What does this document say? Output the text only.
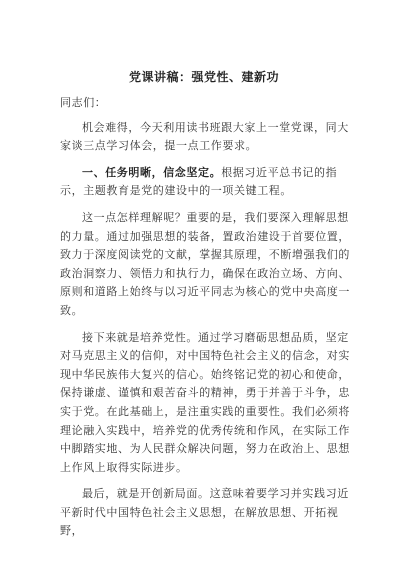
党课讲稿：强党性、建新功

同志们：

机会难得，今天利用读书班跟大家上一堂党课，同大家谈三点学习体会，提一点工作要求。

一、任务明晰，信念坚定。根据习近平总书记的指示，主题教育是党的建设中的一项关键工程。

这一点怎样理解呢？重要的是，我们要深入理解思想的力量。通过加强思想的装备，置政治建设于首要位置，致力于深度阅读党的文献，掌握其原理，不断增强我们的政治洞察力、领悟力和执行力，确保在政治立场、方向、原则和道路上始终与以习近平同志为核心的党中央高度一致。

接下来就是培养党性。通过学习磨砺思想品质，坚定对马克思主义的信仰，对中国特色社会主义的信念，对实现中华民族伟大复兴的信心。始终铭记党的初心和使命，保持谦虚、谨慎和艰苦奋斗的精神，勇于并善于斗争，忠实于党。在此基础上，是注重实践的重要性。我们必须将理论融入实践中，培养党的优秀传统和作风，在实际工作中脚踏实地、为人民群众解决问题，努力在政治上、思想上作风上取得实际进步。

最后，就是开创新局面。这意味着要学习并实践习近平新时代中国特色社会主义思想，在解放思想、开拓视野，
